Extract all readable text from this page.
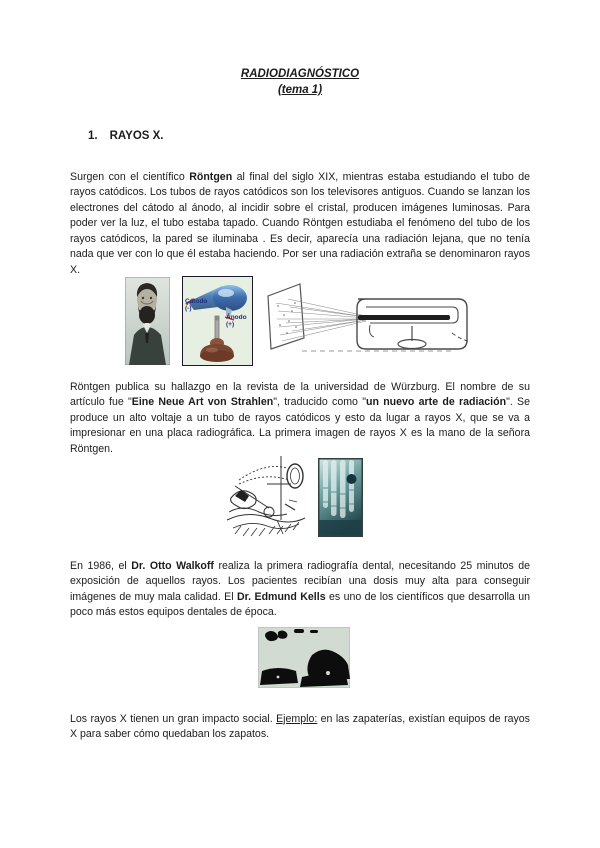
RADIODIAGNÓSTICO
(tema 1)
1. RAYOS X.

Surgen con el científico Röntgen al final del siglo XIX, mientras estaba estudiando el tubo de rayos catódicos. Los tubos de rayos catódicos son los televisores antiguos. Cuando se lanzan los electrones del cátodo al ánodo, al incidir sobre el cristal, producen imágenes luminosas. Para poder ver la luz, el tubo estaba tapado. Cuando Röntgen estudiaba el fenómeno del tubo de los rayos catódicos, la pared se iluminaba . Es decir, aparecía una radiación lejana, que no tenía nada que ver con lo que él estaba haciendo. Por ser una radiación extraña se denominaron rayos X.

Cátodo
(-)
Ánodo
(+)

Röntgen publica su hallazgo en la revista de la universidad de Würzburg. El nombre de su artículo fue "Eine Neue Art von Strahlen", traducido como "un nuevo arte de radiación". Se produce un alto voltaje a un tubo de rayos catódicos y esto da lugar a rayos X, que se va a impresionar en una placa radiográfica. La primera imagen de rayos X es la mano de la señora Röntgen.

En 1986, el Dr. Otto Walkoff realiza la primera radiografía dental, necesitando 25 minutos de exposición de aquellos rayos. Los pacientes recibían una dosis muy alta para conseguir imágenes de muy mala calidad. El Dr. Edmund Kells es uno de los científicos que desarrolla un poco más estos equipos dentales de época.

Los rayos X tienen un gran impacto social. Ejemplo: en las zapaterías, existían equipos de rayos X para saber cómo quedaban los zapatos.
